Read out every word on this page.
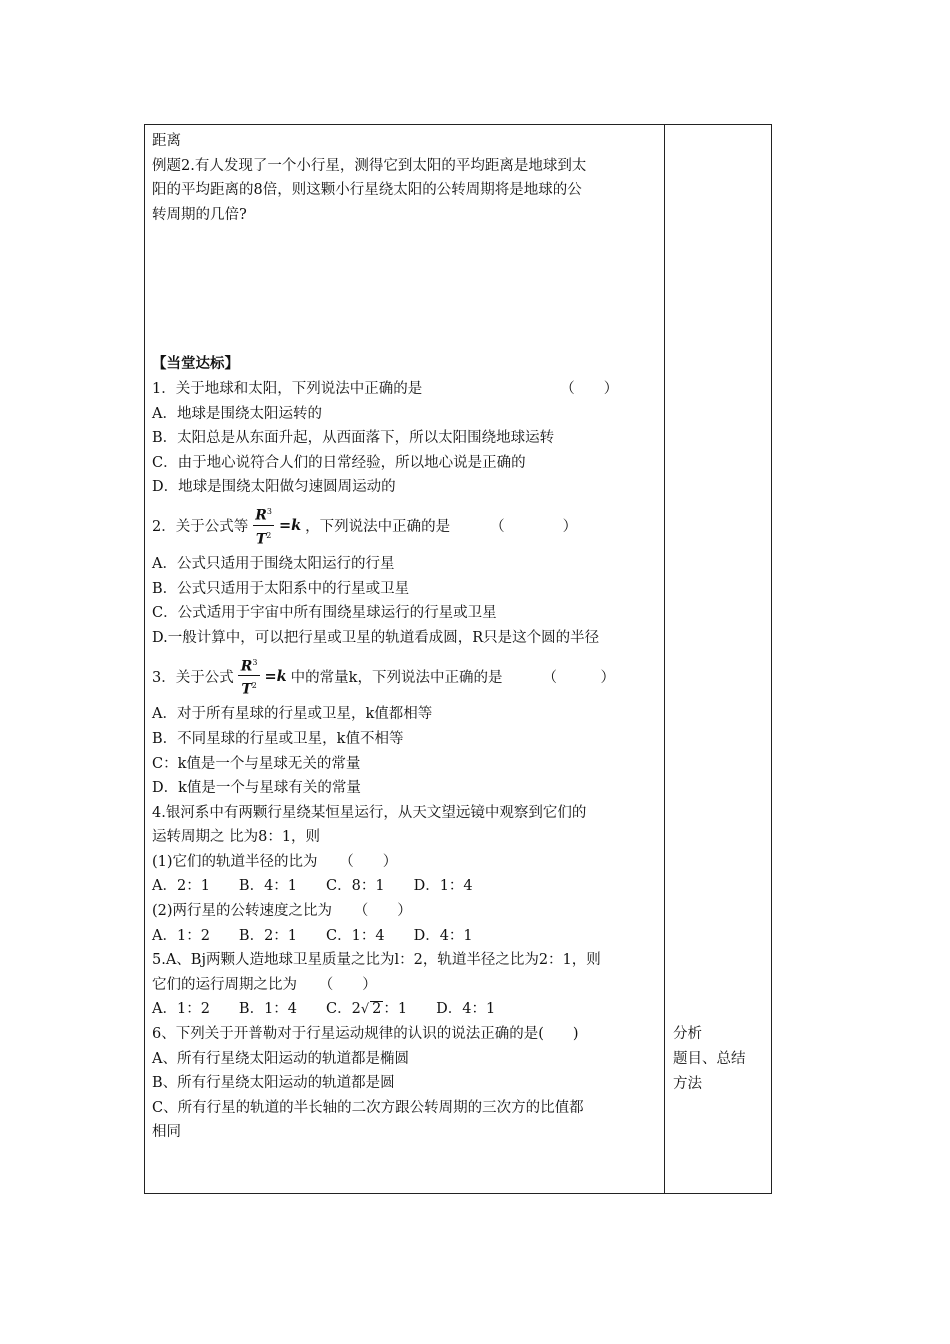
距离
例题2.有人发现了一个小行星，测得它到太阳的平均距离是地球到太
阳的平均距离的8倍，则这颗小行星绕太阳的公转周期将是地球的公
转周期的几倍?
【当堂达标】
1．关于地球和太阳，下列说法中正确的是	（　　）
A．地球是围绕太阳运转的
B．太阳总是从东面升起，从西面落下，所以太阳围绕地球运转
C．由于地心说符合人们的日常经验，所以地心说是正确的
D．地球是围绕太阳做匀速圆周运动的
2．关于公式等 $\frac{R^3}{T^2} =k$ ，下列说法中正确的是	（　　　　）
A．公式只适用于围绕太阳运行的行星
B．公式只适用于太阳系中的行星或卫星
C．公式适用于宇宙中所有围绕星球运行的行星或卫星
D.一般计算中，可以把行星或卫星的轨道看成圆，R只是这个圆的半径
3．关于公式 $\frac{R^3}{T^2} =k$ 中的常量k，下列说法中正确的是	（　　　）
A．对于所有星球的行星或卫星，k值都相等
B．不同星球的行星或卫星，k值不相等
C：k值是一个与星球无关的常量
D．k值是一个与星球有关的常量
4.银河系中有两颗行星绕某恒星运行，从天文望远镜中观察到它们的
运转周期之 比为8：1，则
(1)它们的轨道半径的比为　　（　　）
A．2：1　　B．4：1　　C．8：1　　D．1：4
(2)两行星的公转速度之比为　　（　　）
A．1：2　　B．2：1　　C．1：4　　D．4：1
5.A、Bj两颗人造地球卫星质量之比为l：2，轨道半径之比为2：1，则
它们的运行周期之比为　　（　　）
A．1：2　　B．1：4　　C．2√ 2 ：1　　D．4：1
6、下列关于开普勒对于行星运动规律的认识的说法正确的是(　　)
A、所有行星绕太阳运动的轨道都是椭圆
B、所有行星绕太阳运动的轨道都是圆
C、所有行星的轨道的半长轴的二次方跟公转周期的三次方的比值都
相同
分析
题目、总结
方法
